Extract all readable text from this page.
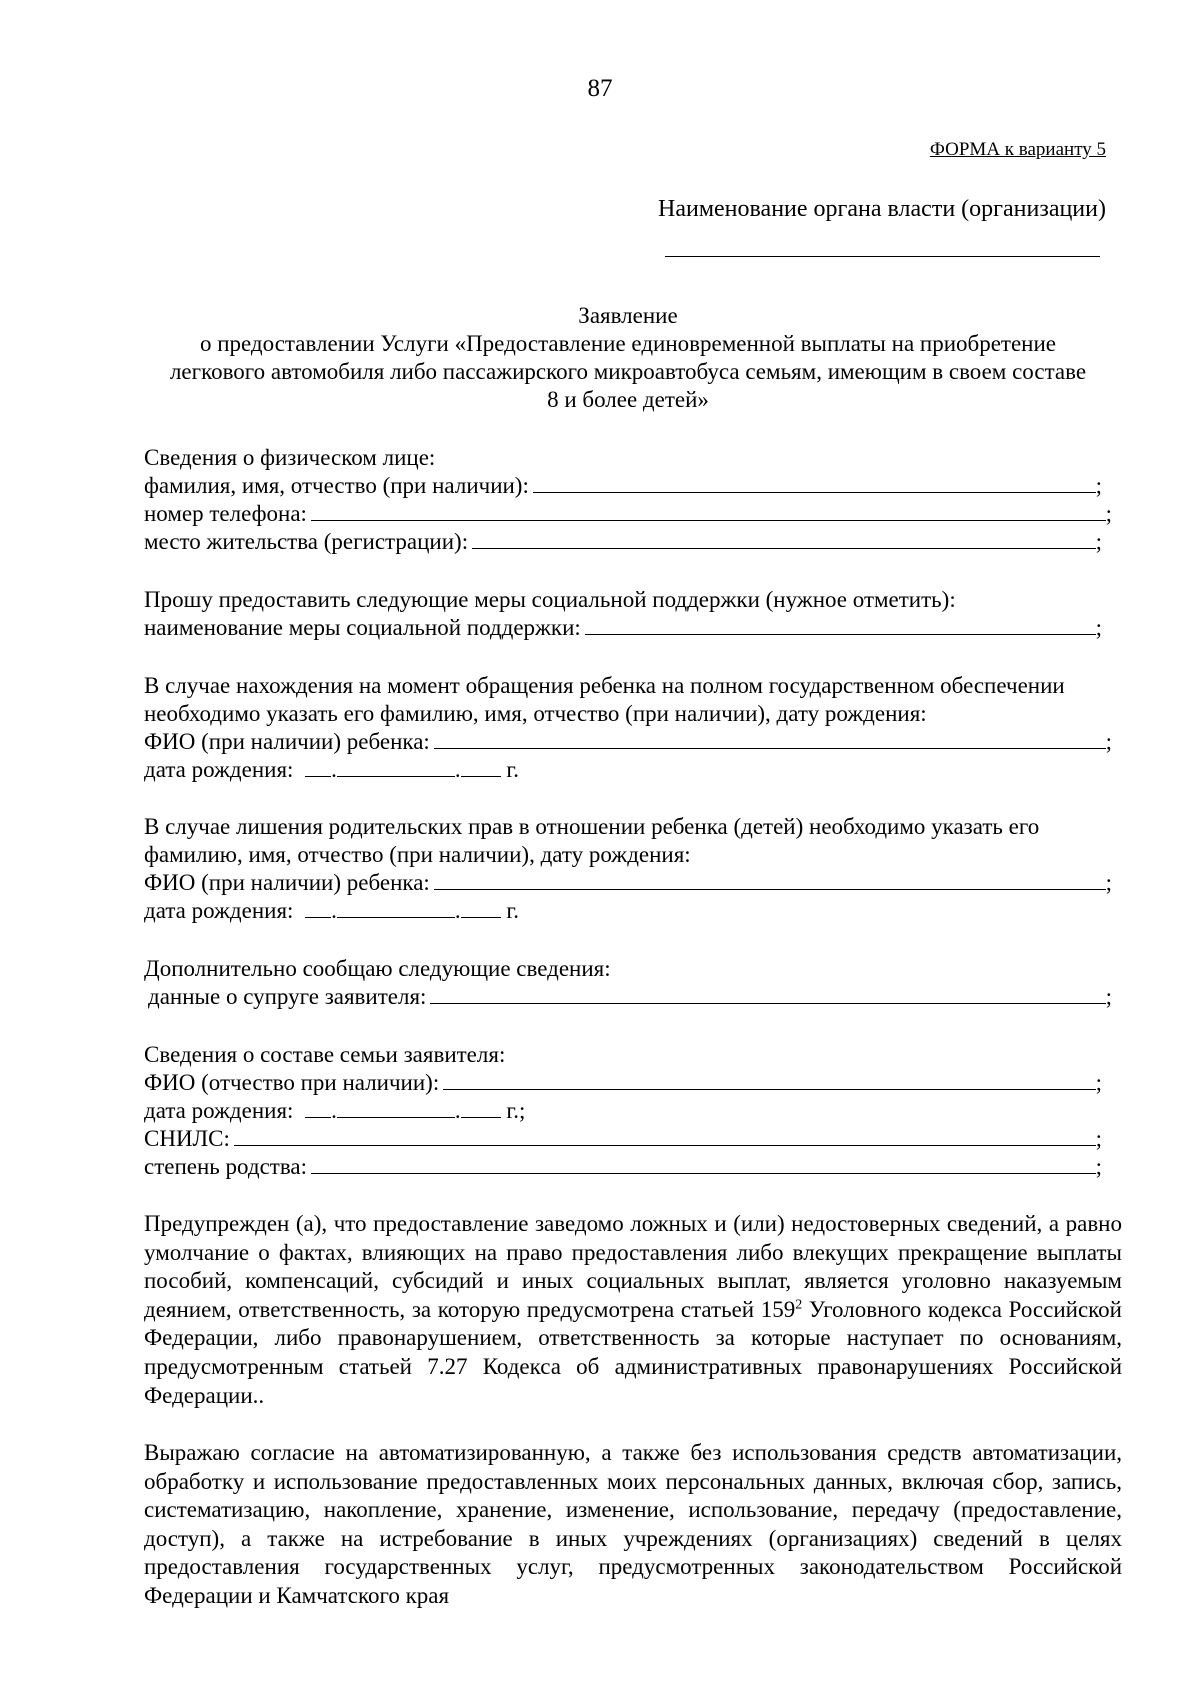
87
ФОРМА к варианту 5
Наименование органа власти (организации)
Заявление
о предоставлении Услуги «Предоставление единовременной выплаты на приобретение
легкового автомобиля либо пассажирского микроавтобуса семьям, имеющим в своем составе
8 и более детей»
Сведения о физическом лице:
фамилия, имя, отчество (при наличии):	;
номер телефона:	;
место жительства (регистрации):	;
Прошу предоставить следующие меры социальной поддержки (нужное отметить):
наименование меры социальной поддержки:	;
В случае нахождения на момент обращения ребенка на полном государственном обеспечении
необходимо указать его фамилию, имя, отчество (при наличии), дату рождения:
ФИО (при наличии) ребенка:	;
дата рождения: .	. г.
В случае лишения родительских прав в отношении ребенка (детей) необходимо указать его
фамилию, имя, отчество (при наличии), дату рождения:
ФИО (при наличии) ребенка:	;
дата рождения: .	. г.
Дополнительно сообщаю следующие сведения:
данные о супруге заявителя:	;
Сведения о составе семьи заявителя:
ФИО (отчество при наличии):	;
дата рождения: .	. г.;
СНИЛС:	;
степень родства:	;
Предупрежден (а), что предоставление заведомо ложных и (или) недостоверных сведений, а равно умолчание о фактах, влияющих на право предоставления либо влекущих прекращение выплаты пособий, компенсаций, субсидий и иных социальных выплат, является уголовно наказуемым деянием, ответственность, за которую предусмотрена статьей $159^2$ Уголовного кодекса Российской Федерации, либо правонарушением, ответственность за которые наступает по основаниям, предусмотренным статьей 7.27 Кодекса об административных правонарушениях Российской Федерации..
Выражаю согласие на автоматизированную, а также без использования средств автоматизации, обработку и использование предоставленных моих персональных данных, включая сбор, запись, систематизацию, накопление, хранение, изменение, использование, передачу (предоставление, доступ), а также на истребование в иных учреждениях (организациях) сведений в целях предоставления государственных услуг, предусмотренных законодательством Российской Федерации и Камчатского края
